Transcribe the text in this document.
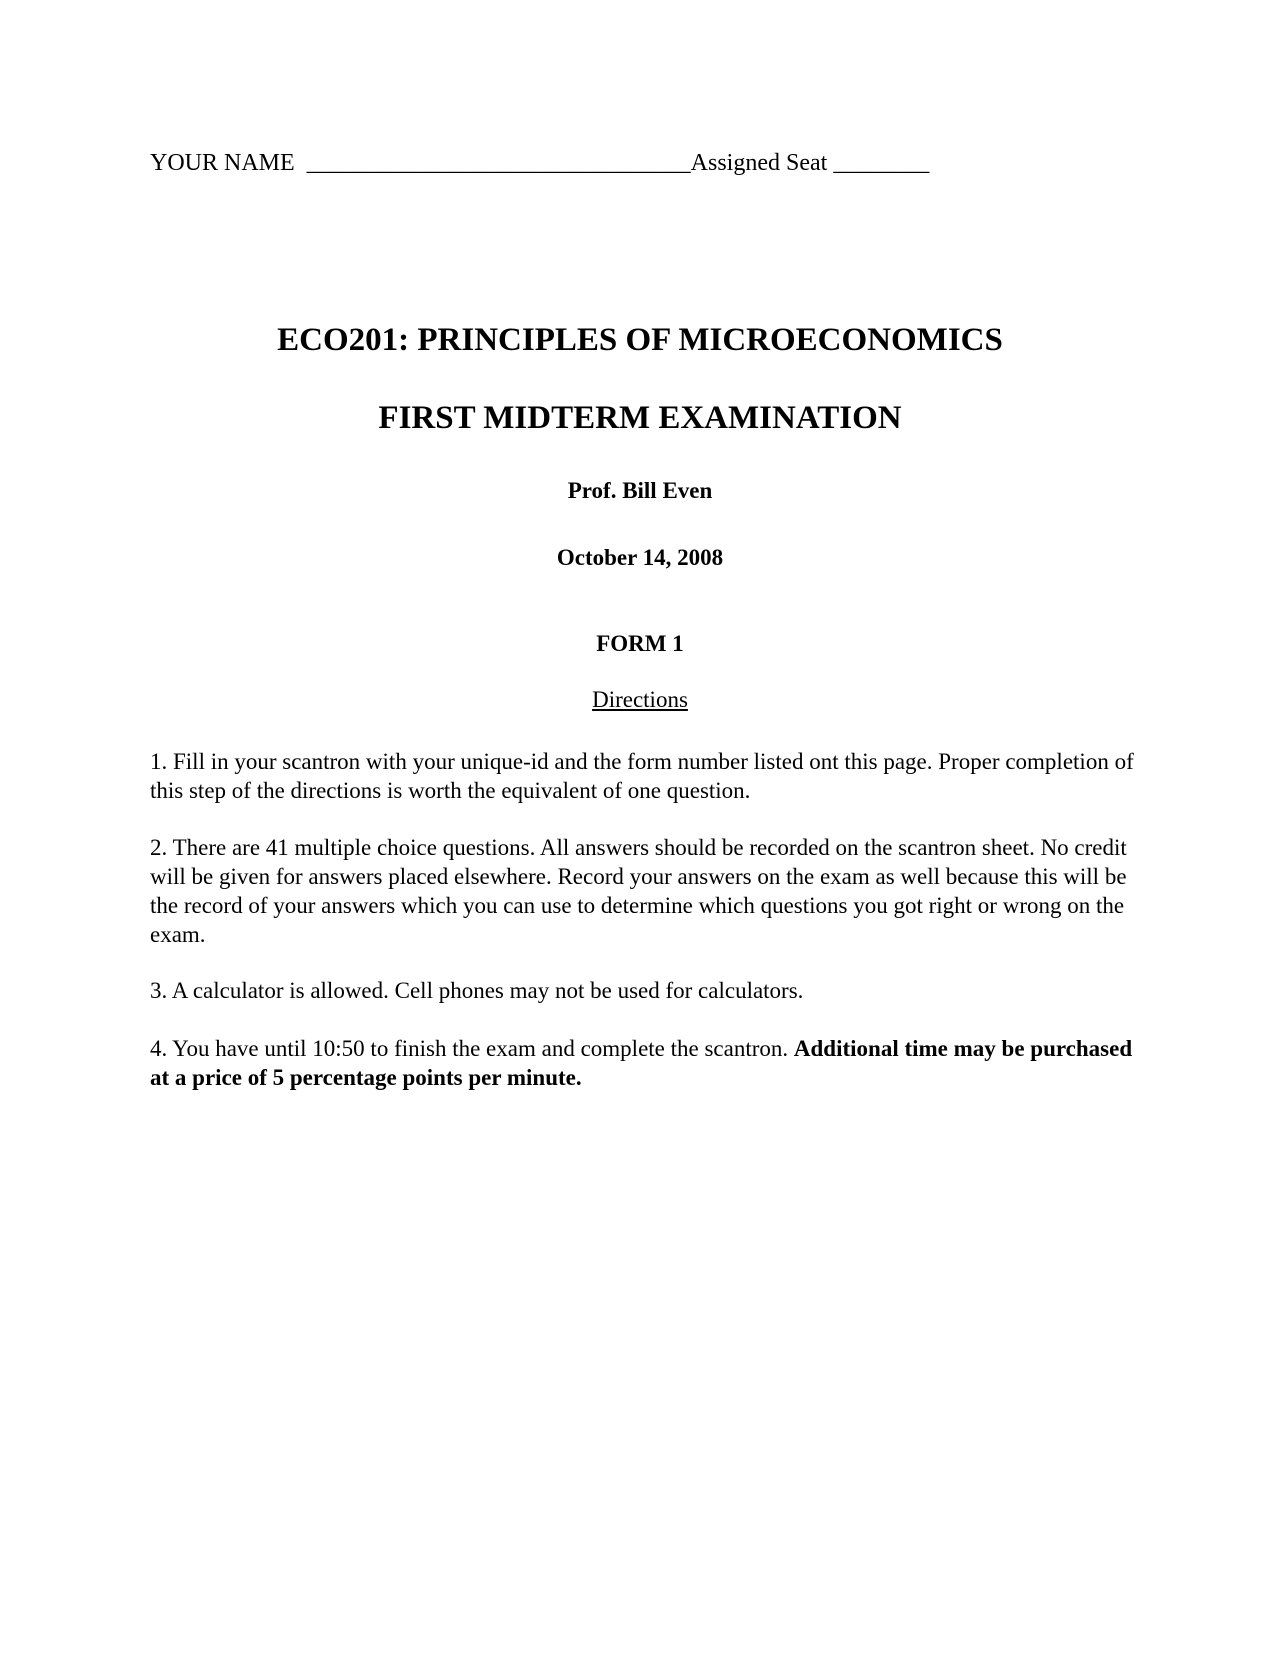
YOUR NAME ________________________________Assigned Seat ________
ECO201: PRINCIPLES OF MICROECONOMICS
FIRST MIDTERM EXAMINATION
Prof. Bill Even
October 14, 2008
FORM 1
Directions

1. Fill in your scantron with your unique-id and the form number listed ont this page. Proper completion of this step of the directions is worth the equivalent of one question.

2. There are 41 multiple choice questions. All answers should be recorded on the scantron sheet. No credit will be given for answers placed elsewhere. Record your answers on the exam as well because this will be the record of your answers which you can use to determine which questions you got right or wrong on the exam.

3. A calculator is allowed. Cell phones may not be used for calculators.

4. You have until 10:50 to finish the exam and complete the scantron. Additional time may be purchased at a price of 5 percentage points per minute.
